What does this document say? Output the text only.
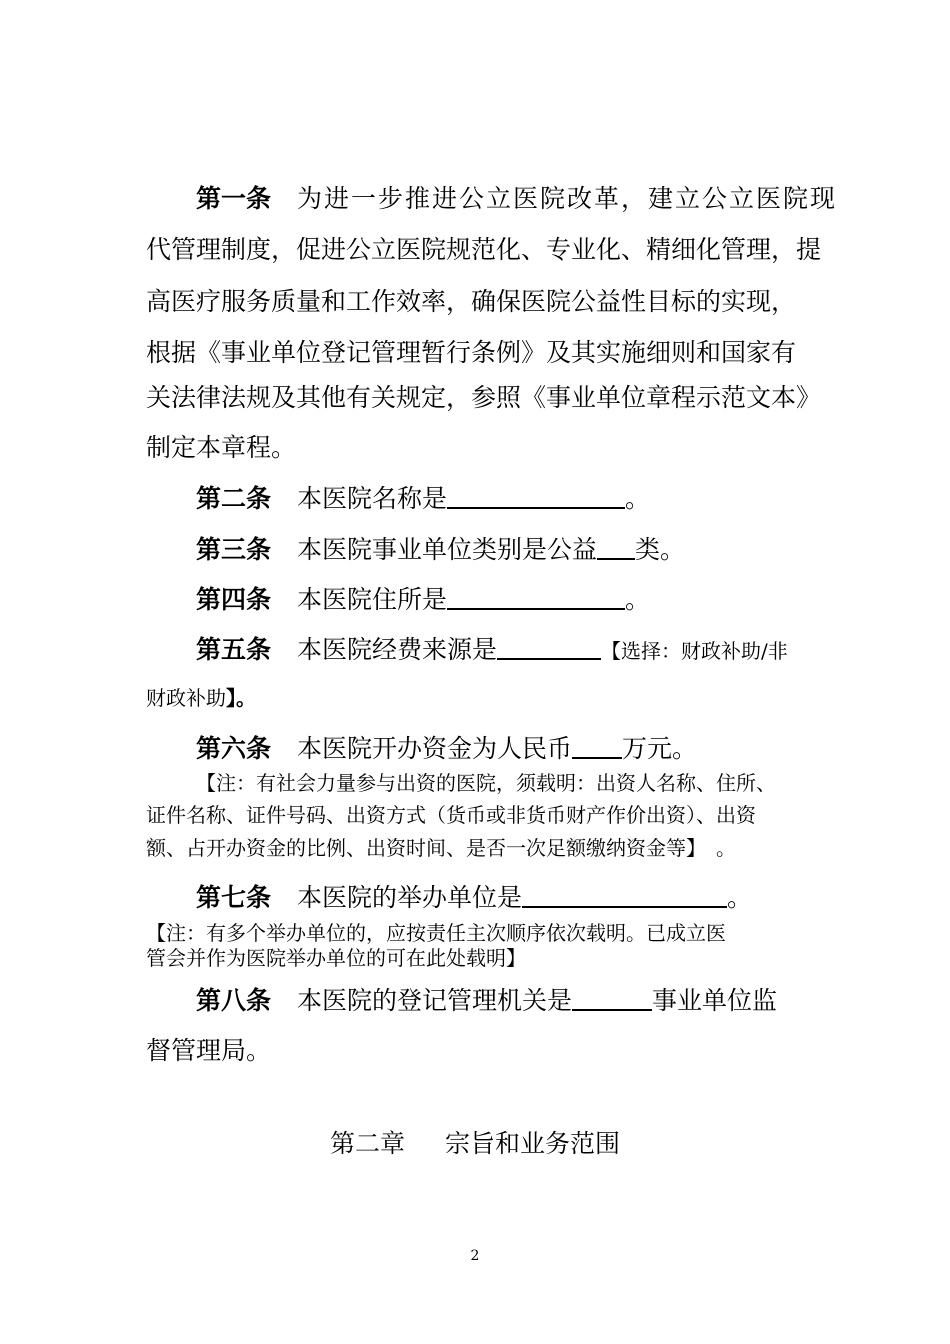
第一条 为进一步推进公立医院改革，建立公立医院现
代管理制度，促进公立医院规范化、专业化、精细化管理，提
高医疗服务质量和工作效率，确保医院公益性目标的实现，
根据《事业单位登记管理暂行条例》及其实施细则和国家有
关法律法规及其他有关规定，参照《事业单位章程示范文本》
制定本章程。
第二条 本医院名称是	。
第三条 本医院事业单位类别是公益 类。
第四条 本医院住所是	。
第五条 本医院经费来源是	【选择：财政补助/非
财政补助】。
第六条 本医院开办资金为人民币 万元。
【注：有社会力量参与出资的医院，须载明：出资人名称、住所、
证件名称、证件号码、出资方式（货币或非货币财产作价出资）、出资
额、占开办资金的比例、出资时间、是否一次足额缴纳资金等】　。
第七条 本医院的举办单位是	。
【注：有多个举办单位的，应按责任主次顺序依次载明。已成立医
管会并作为医院举办单位的可在此处载明】
第八条 本医院的登记管理机关是	事业单位监
督管理局。
第二章 宗旨和业务范围
2
